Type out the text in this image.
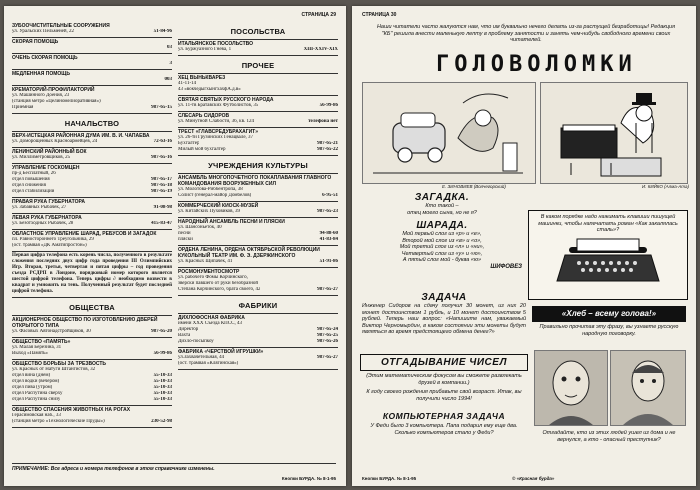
СТРАНИЦА 29
ЗУБООЧИСТИТЕЛЬНЫЕ СООРУЖЕНИЯ
ул. Уральских Пельменей, 22	51-84-96
СКОРАЯ ПОМОЩЬ
03
ОЧЕНЬ СКОРАЯ ПОМОЩЬ
3
МЕДЛЕННАЯ ПОМОЩЬ
003
КРЕМАТОРИЙ-ПРОФИЛАКТОРИЙ
ул. Машинного Доения, 23
(станция метро «Целиномелиоративная»)
Приемная	987-65-15
НАЧАЛЬСТВО
ВЕРХ-ИСТЕЦКАЯ РАЙОННАЯ ДУМА ИМ. В. И. ЧАПАЕВА
ул. Доморощенных Красноармейцев, 24	72-63-16
ЛЕНИНСКИЙ РАЙОННЫЙ БОК
ул. Миллиметровщиков, 25	987-65-16
УПРАВЛЕНИЕ ГОСКОМЦЕН
пр-д Бесплатный, 26
отдел повышения	987-65-17
отдел снижения	987-65-18
отдел стабилизации	987-65-19
ПРАВАЯ РУКА ГУБЕРНАТОРА
ул. Забавных Рыбачек, 27	91-08-98
ЛЕВАЯ РУКА ГУБЕРНАТОРА
ул. Безотходных Рыбачек, 28	415-83-47
ОБЛАСТНОЕ УПРАВЛЕНИЕ ШАРАД, РЕБУСОВ И ЗАГАДОК
пл. Равностороннего Треугольника, 29
(ост. трамвая «ДК Аматипростон»)
Первая цифра телефона есть корень числа, полученного в результате сложения последних двух цифр года проведения III Олимпийских Игр. Вторая, третья, четвертая и пятая цифры – год проведения съезда РСДРП в Лондоне, порядковый номер которого является шестой цифрой телефона. Теперь цифры ∂ необходимо возвести в квадрат и умножить на тень. Полученный результат будет последней цифрой телефона.
ОБЩЕСТВА
АКЦИОНЕРНОЕ ОБЩЕСТВО ПО ИЗГОТОВЛЕНИЮ ДВЕРЕЙ ОТКРЫТОГО ТИПА
ул. Фасовых Автонадстройщиков, 30	987-65-20
ОБЩЕСТВО «ПАМЯТЬ»
ул. Малая Березина, 31
Выход «Память»	56-99-86
ОБЩЕСТВО БОРЬБЫ ЗА ТРЕЗВОСТЬ
ул. Красных от Натуги Штангистов, 32
отдел вина (днем)	55-10-33
отдел водки (вечером)	55-10-33
отдел пива (утром)	55-10-33
отдел Распутина сверху	55-10-33
отдел Распутина снизу	55-10-33
ОБЩЕСТВО СПАСЕНИЯ ЖИВОТНЫХ НА РОГАХ
Герасимовская наб., 33
(станция метро «Технологические Пруды»)	230-52-98
ПОСОЛЬСТВА
ИТАЛЬЯНСКОЕ ПОСОЛЬСТВО
ул. Буржуазного Гнева, 1	XIII-XXIV-XIX
ПРОЧЕЕ
ХЕЦ ВЫНЬКВАРЕЗ
41-11-14
43 «вокчедыгхынгхахфА.д.в»
СВЯТАЯ СВЯТЫХ РУССКОГО НАРОДА
ул. 11-тв Братавских Футболистов, 35	56-99-86
СЛЕСАРЬ СИДОРОВ
ул. Минутной Слабости, 36, кв. 124	телефона нет
ТРЕСТ «ГЛАВСРЕДУБРАХАГИТ»
ул. 26-ти Грузинских Генацвале, 37
Бухгалтер	987-65-21
Милый мой бухгалтер	987-65-22
УЧРЕЖДЕНИЯ КУЛЬТУРЫ
АНСАМБЛЬ МНОГОПОЧЕТНОГО ПОКАПЛАВАНИЯ ГЛАВНОГО КОМАНДОВАНИЯ ВООРУЖЕННЫХ СИЛ
ул. Молотова-Риббентропа, 38
Солист (генерал-майор Домбелов)	6-95-51
КОММЕРЧЕСКИЙ КИОСК-МУЗЕЙ
ул. Китайских Пуховиков, 39	987-65-23
НАРОДНЫЙ АНСАМБЛЬ ПЕСНИ И ПЛЯСКИ
ул. Шансоньеток, 40
песни	94-88-60
пляски	41-83-84
ОРДЕНА ЛЕНИНА, ОРДЕНА ОКТЯБРЬСКОЙ РЕВОЛЮЦИИ КУКОЛЬНЫЙ ТЕАТР ИМ. Ф. Э. ДЗЕРЖИНСКОГО
ул. Красных Щипачек, 41	51-91-86
РОСМОНУМЕНТОСМОТР
ул. рабочего Фомы Корчинского,
зверски павшего от руки безобразной
Степана Корчинского, брата своего, 42	987-65-27
ФАБРИКИ
ДИХЛОФОСНАЯ ФАБРИКА
имени XXX Съезда КПСС, 43
Директор	987-65-24
Вахта	987-65-25
Дихло-посыпкоу	987-65-26
ФАБРИКА «ЧЕРСТВОЙ ИГРУШКИ»
ул.Захвачетельная, 44	987-65-27
(ост. трамвая «Клягинская»)
ПРИМЕЧАНИЕ: Все адреса и номера телефонов в этом справочнике изменены.
Кнопки БУРДА. № 8-1-95
СТРАНИЦА 30
Наши читатели часто жалуются нам, что им буквально нечего делать из-за растущей безработицы! Редакция "КБ" решила внести маленькую лепту в проблему занятости и занять чем-нибудь свободного времени своих читателей.
ГОЛОВОЛОМКИ
Е. ЗИНОВИЕВ (Волчегорский)	И. КИЙКО (Алма-Ата)
ЗАГАДКА.
Кто такой –
отец моего сына, но не я?
ШАРАДА.
Мой первый слог из «р» и «е»,
Второй мой слог из «в» и «о»,
Мой третий слог из «л» и «ни»,
Четвертый слог из «у» и «ю»,
А пятый слог мой - буква «ю»
ШИФОВЕЗ
В каком порядке надо нажимать клавиши пишущей машинки, чтобы напечатать роман «Как закалялась сталь»?
ЗАДАЧА
Инженер Сидоров на сдачу получил 30 монет, из них 20 монет достоинством 1 рубль, и 10 монет достоинством 5 рублей. Теперь наш вопрос: «Напишите нам, уважаемый Виктор Черномырдин, в каком состоянии эти монеты будут являться во время предстоящего обмена денег?»
«Хлеб – всему голова!»
Правильно прочитав эту фразу, вы узнаете русскую народную поговорку.
ОТГАДЫВАНИЕ ЧИСЕЛ
(Этим математическим фокусом вы сможете развлекать друзей в компании.)
К году своего рождения прибавьте свой возраст. Итак, вы получили число 1994!
Отгадайте, кто из этих людей ушел из дома и не вернулся, а кто - опасный преступник?
КОМПЬЮТЕРНАЯ ЗАДАЧА
У Феди было 3 компьютера. Папа подарил ему еще два. Сколько компьютеров стало у Феди?
Кнопки БУРДА. № 8-1-95	© «Красная бурда»
